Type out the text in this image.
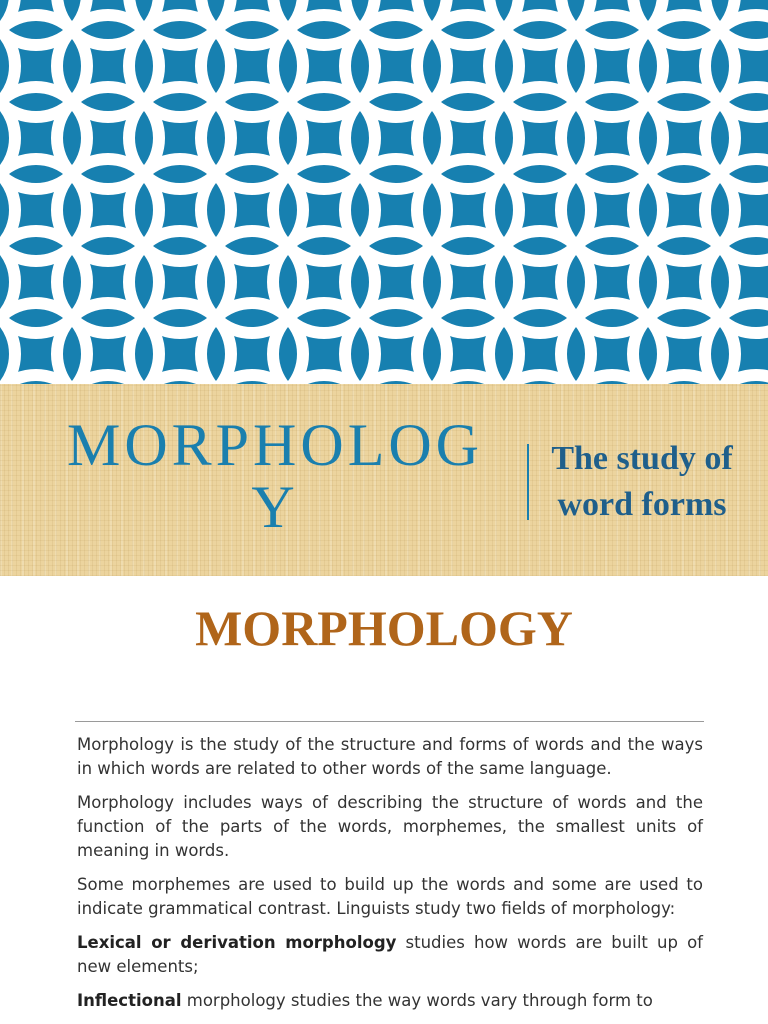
MORPHOLOG
Y
The study of
word forms
MORPHOLOGY

Morphology is the study of the structure and forms of words and the ways in which words are related to other words of the same language.

Morphology includes ways of describing the structure of words and the function of the parts of the words, morphemes, the smallest units of meaning in words.

Some morphemes are used to build up the words and some are used to indicate grammatical contrast. Linguists study two fields of morphology:

Lexical or derivation morphology studies how words are built up of new elements;

Inflectional morphology studies the way words vary through form to
